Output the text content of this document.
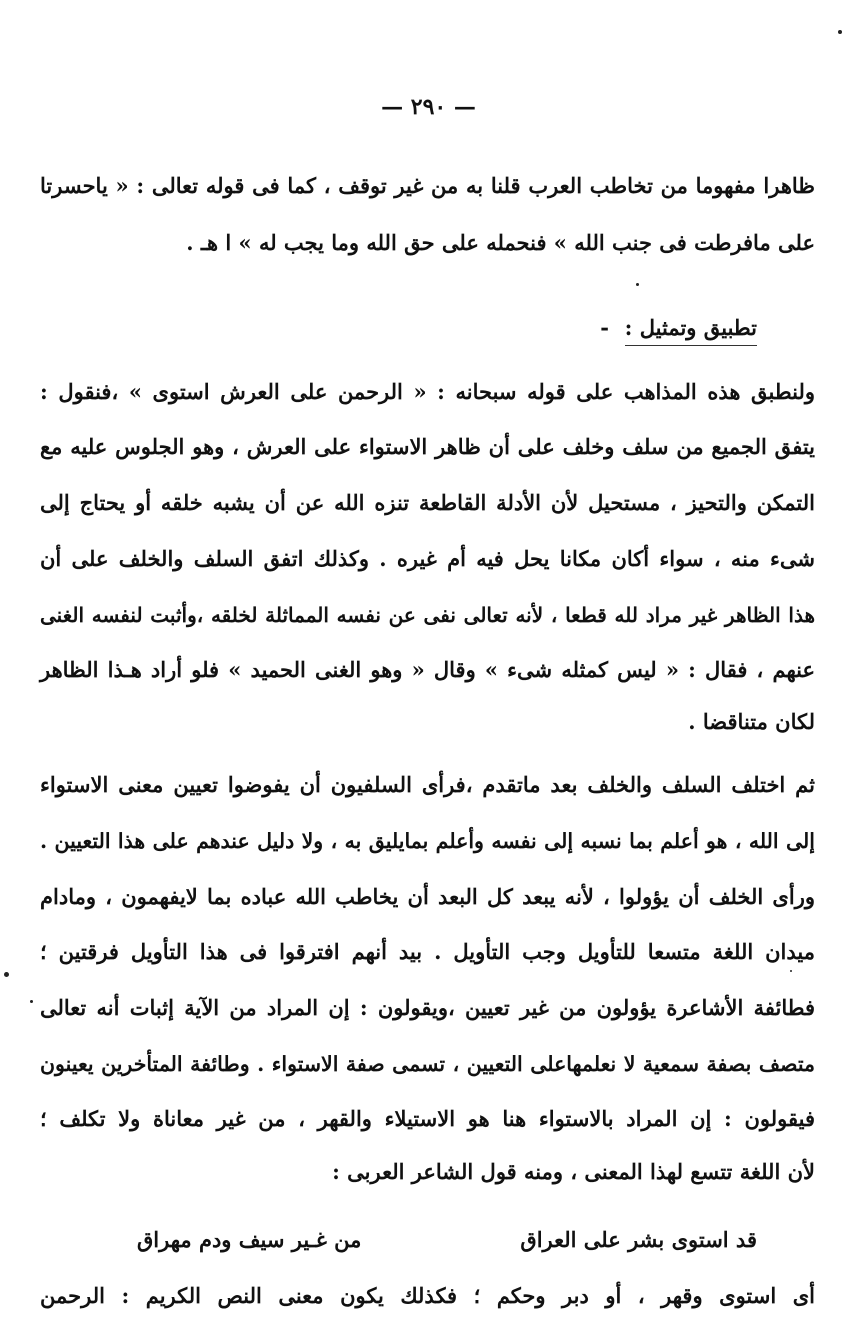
— ٢٩٠ —
ظاهرا مفهوما من تخاطب العرب قلنا به من غير توقف ، كما فى قوله تعالى : « ياحسرتا
على مافرطت فى جنب الله » فنحمله على حق الله وما يجب له » ا هـ .
- تطبيق وتمثيل :
ولنطبق هذه المذاهب على قوله سبحانه : « الرحمن على العرش استوى » ،فنقول :
يتفق الجميع من سلف وخلف على أن ظاهر الاستواء على العرش ، وهو الجلوس عليه مع
التمكن والتحيز ، مستحيل لأن الأدلة القاطعة تنزه الله عن أن يشبه خلقه أو يحتاج إلى
شىء منه ، سواء أكان مكانا يحل فيه أم غيره . وكذلك اتفق السلف والخلف على أن
هذا الظاهر غير مراد لله قطعا ، لأنه تعالى نفى عن نفسه المماثلة لخلقه ،وأثبت لنفسه الغنى
عنهم ، فقال : « ليس كمثله شىء » وقال « وهو الغنى الحميد » فلو أراد هـذا الظاهر
لكان متناقضا .
ثم اختلف السلف والخلف بعد ماتقدم ،فرأى السلفيون أن يفوضوا تعيين معنى الاستواء
إلى الله ، هو أعلم بما نسبه إلى نفسه وأعلم بمايليق به ، ولا دليل عندهم على هذا التعيين .
ورأى الخلف أن يؤولوا ، لأنه يبعد كل البعد أن يخاطب الله عباده بما لايفهمون ، ومادام
ميدان اللغة متسعا للتأويل وجب التأويل . بيد أنهم افترقوا فى هذا التأويل فرقتين ؛
فطائفة الأشاعرة يؤولون من غير تعيين ،ويقولون : إن المراد من الآية إثبات أنه تعالى
متصف بصفة سمعية لا نعلمهاعلى التعيين ، تسمى صفة الاستواء . وطائفة المتأخرين يعينون
فيقولون : إن المراد بالاستواء هنا هو الاستيلاء والقهر ، من غير معاناة ولا تكلف ؛
لأن اللغة تتسع لهذا المعنى ، ومنه قول الشاعر العربى :
قد استوى بشر على العراق
من غـير سيف ودم مهراق
أى استوى وقهر ، أو دبر وحكم ؛ فكذلك يكون معنى النص الكريم : الرحمن
